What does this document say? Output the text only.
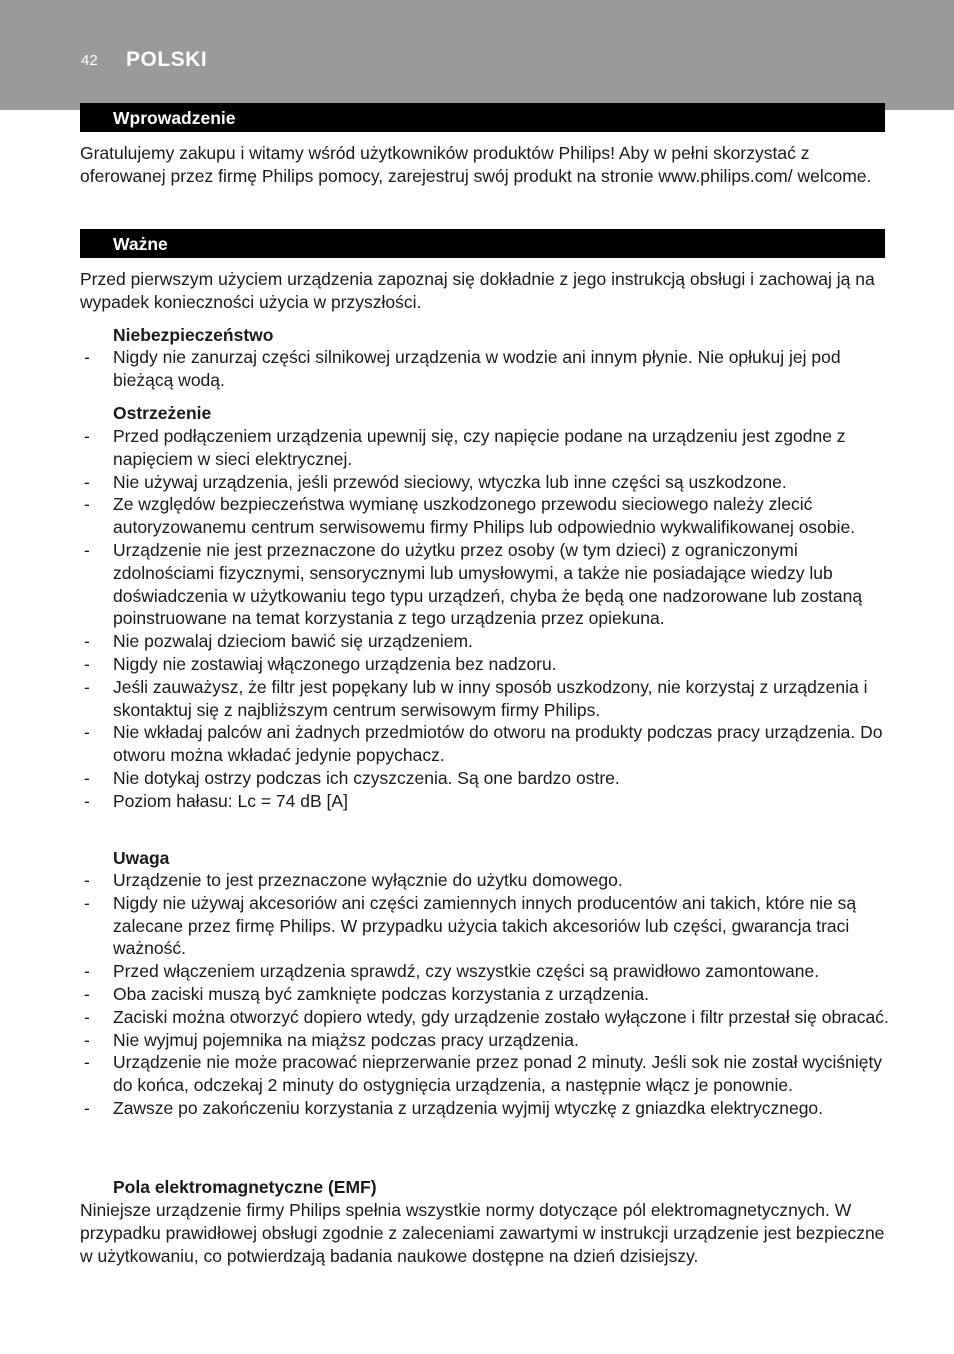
42 POLSKI
Wprowadzenie

Gratulujemy zakupu i witamy wśród użytkowników produktów Philips! Aby w pełni skorzystać z oferowanej przez firmę Philips pomocy, zarejestruj swój produkt na stronie www.philips.com/ welcome.

Ważne

Przed pierwszym użyciem urządzenia zapoznaj się dokładnie z jego instrukcją obsługi i zachowaj ją na wypadek konieczności użycia w przyszłości.

Niebezpieczeństwo

- Nigdy nie zanurzaj części silnikowej urządzenia w wodzie ani innym płynie. Nie opłukuj jej pod bieżącą wodą.

Ostrzeżenie

- Przed podłączeniem urządzenia upewnij się, czy napięcie podane na urządzeniu jest zgodne z napięciem w sieci elektrycznej.
- Nie używaj urządzenia, jeśli przewód sieciowy, wtyczka lub inne części są uszkodzone.
- Ze względów bezpieczeństwa wymianę uszkodzonego przewodu sieciowego należy zlecić autoryzowanemu centrum serwisowemu firmy Philips lub odpowiednio wykwalifikowanej osobie.
- Urządzenie nie jest przeznaczone do użytku przez osoby (w tym dzieci) z ograniczonymi zdolnościami fizycznymi, sensorycznymi lub umysłowymi, a także nie posiadające wiedzy lub doświadczenia w użytkowaniu tego typu urządzeń, chyba że będą one nadzorowane lub zostaną poinstruowane na temat korzystania z tego urządzenia przez opiekuna.
- Nie pozwalaj dzieciom bawić się urządzeniem.
- Nigdy nie zostawiaj włączonego urządzenia bez nadzoru.
- Jeśli zauważysz, że filtr jest popękany lub w inny sposób uszkodzony, nie korzystaj z urządzenia i skontaktuj się z najbliższym centrum serwisowym firmy Philips.
- Nie wkładaj palców ani żadnych przedmiotów do otworu na produkty podczas pracy urządzenia. Do otworu można wkładać jedynie popychacz.
- Nie dotykaj ostrzy podczas ich czyszczenia. Są one bardzo ostre.
- Poziom hałasu: Lc = 74 dB [A]

Uwaga

- Urządzenie to jest przeznaczone wyłącznie do użytku domowego.
- Nigdy nie używaj akcesoriów ani części zamiennych innych producentów ani takich, które nie są zalecane przez firmę Philips. W przypadku użycia takich akcesoriów lub części, gwarancja traci ważność.
- Przed włączeniem urządzenia sprawdź, czy wszystkie części są prawidłowo zamontowane.
- Oba zaciski muszą być zamknięte podczas korzystania z urządzenia.
- Zaciski można otworzyć dopiero wtedy, gdy urządzenie zostało wyłączone i filtr przestał się obracać.
- Nie wyjmuj pojemnika na miąższ podczas pracy urządzenia.
- Urządzenie nie może pracować nieprzerwanie przez ponad 2 minuty. Jeśli sok nie został wyciśnięty do końca, odczekaj 2 minuty do ostygnięcia urządzenia, a następnie włącz je ponownie.
- Zawsze po zakończeniu korzystania z urządzenia wyjmij wtyczkę z gniazdka elektrycznego.

Pola elektromagnetyczne (EMF)

Niniejsze urządzenie firmy Philips spełnia wszystkie normy dotyczące pól elektromagnetycznych. W przypadku prawidłowej obsługi zgodnie z zaleceniami zawartymi w instrukcji urządzenie jest bezpieczne w użytkowaniu, co potwierdzają badania naukowe dostępne na dzień dzisiejszy.
